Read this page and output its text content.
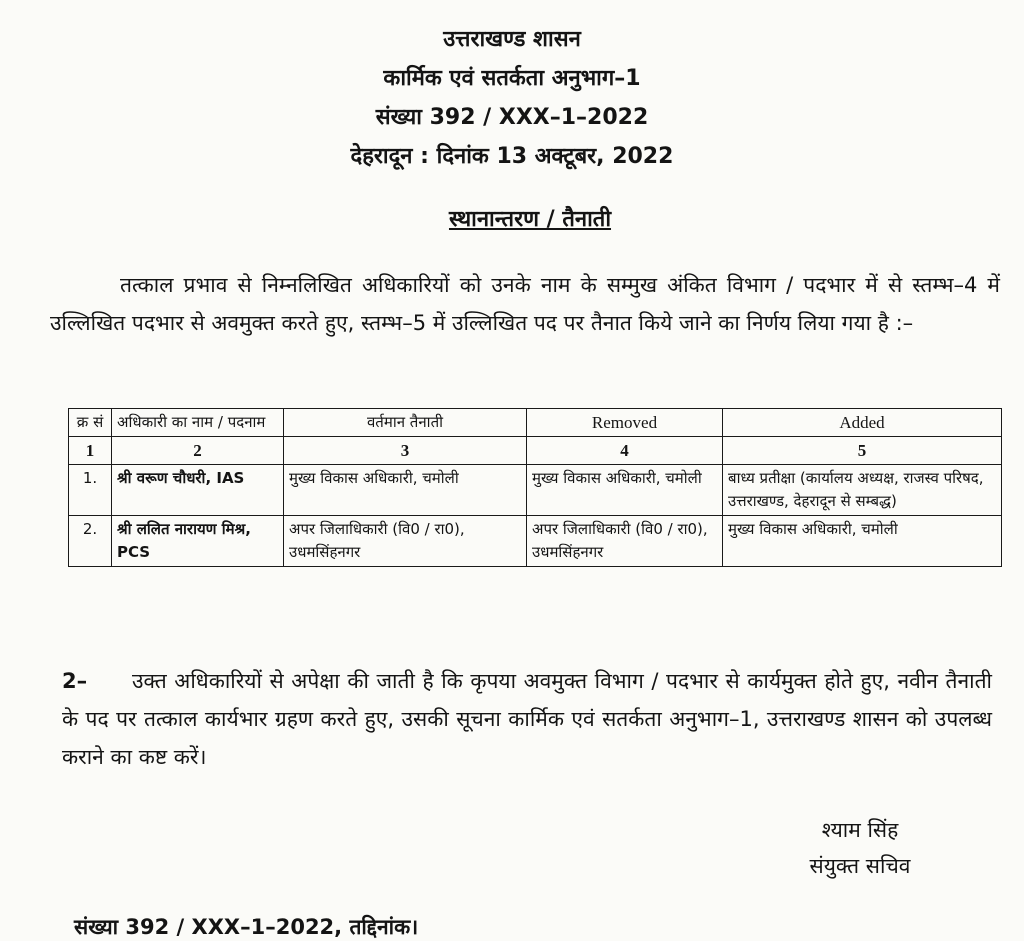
उत्तराखण्ड शासन
कार्मिक एवं सतर्कता अनुभाग–1
संख्या 392 / XXX–1–2022
देहरादून : दिनांक 13 अक्टूबर, 2022
स्थानान्तरण / तैनाती
तत्काल प्रभाव से निम्नलिखित अधिकारियों को उनके नाम के सम्मुख अंकित विभाग / पदभार में से स्तम्भ–4 में उल्लिखित पदभार से अवमुक्त करते हुए, स्तम्भ–5 में उल्लिखित पद पर तैनात किये जाने का निर्णय लिया गया है :–
क्र सं	अधिकारी का नाम / पदनाम	वर्तमान तैनाती	Removed	Added
1	2	3	4	5
1.	श्री वरूण चौधरी, IAS	मुख्य विकास अधिकारी, चमोली	मुख्य विकास अधिकारी, चमोली	बाध्य प्रतीक्षा (कार्यालय अध्यक्ष, राजस्व परिषद, उत्तराखण्ड, देहरादून से सम्बद्ध)
2.	श्री ललित नारायण मिश्र, PCS	अपर जिलाधिकारी (वि0 / रा0), उधमसिंहनगर	अपर जिलाधिकारी (वि0 / रा0), उधमसिंहनगर	मुख्य विकास अधिकारी, चमोली
2– उक्त अधिकारियों से अपेक्षा की जाती है कि कृपया अवमुक्त विभाग / पदभार से कार्यमुक्त होते हुए, नवीन तैनाती के पद पर तत्काल कार्यभार ग्रहण करते हुए, उसकी सूचना कार्मिक एवं सतर्कता अनुभाग–1, उत्तराखण्ड शासन को उपलब्ध कराने का कष्ट करें।
श्याम सिंह
संयुक्त सचिव
संख्या 392 / XXX–1–2022, तद्दिनांक।
